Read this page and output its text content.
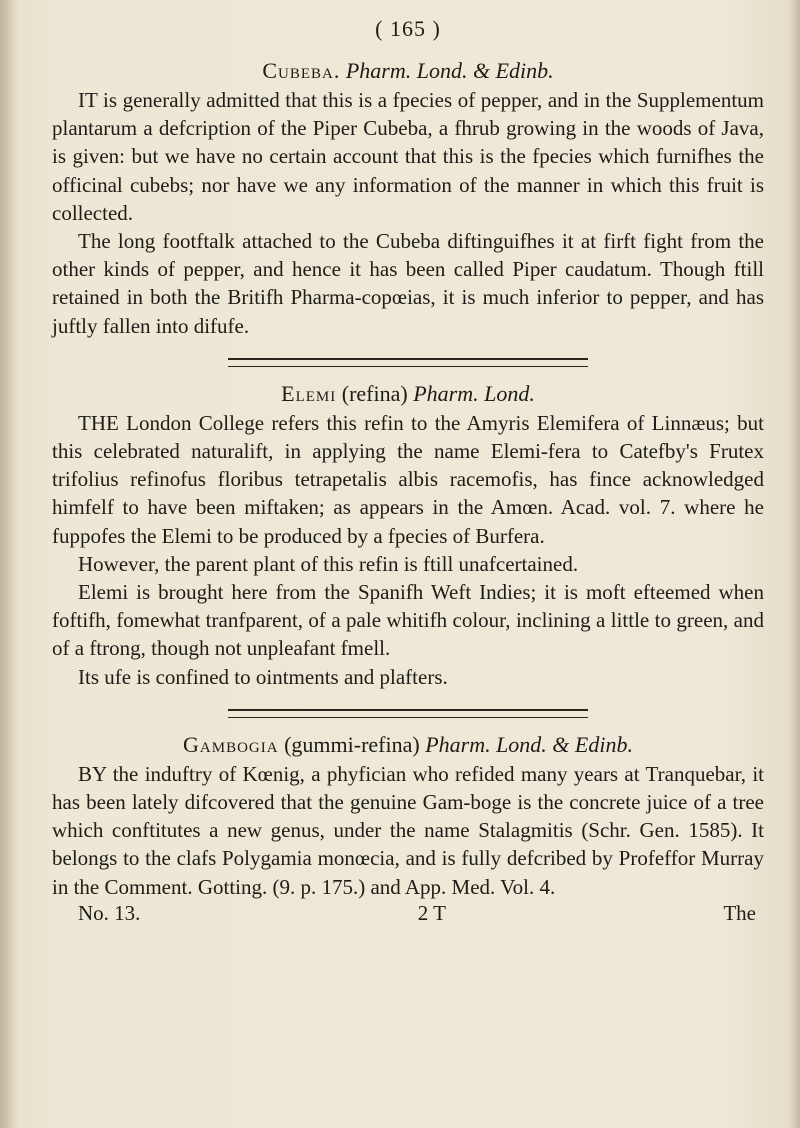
( 165 )
Cubeba. Pharm. Lond. & Edinb.

IT is generally admitted that this is a fpecies of pepper, and in the Supplementum plantarum a defcription of the Piper Cubeba, a fhrub growing in the woods of Java, is given: but we have no certain account that this is the fpecies which furnifhes the officinal cubebs; nor have we any information of the manner in which this fruit is collected.

The long footftalk attached to the Cubeba diftinguifhes it at firft fight from the other kinds of pepper, and hence it has been called Piper caudatum. Though ftill retained in both the Britifh Pharma-copœias, it is much inferior to pepper, and has juftly fallen into difufe.

Elemi (refina) Pharm. Lond.

THE London College refers this refin to the Amyris Elemifera of Linnæus; but this celebrated naturalift, in applying the name Elemi-fera to Catefby's Frutex trifolius refinofus floribus tetrapetalis albis racemofis, has fince acknowledged himfelf to have been miftaken; as appears in the Amœn. Acad. vol. 7. where he fuppofes the Elemi to be produced by a fpecies of Burfera.

However, the parent plant of this refin is ftill unafcertained.

Elemi is brought here from the Spanifh Weft Indies; it is moft efteemed when foftifh, fomewhat tranfparent, of a pale whitifh colour, inclining a little to green, and of a ftrong, though not unpleafant fmell.

Its ufe is confined to ointments and plafters.

Gambogia (gummi-refina) Pharm. Lond. & Edinb.

BY the induftry of Kœnig, a phyfician who refided many years at Tranquebar, it has been lately difcovered that the genuine Gam-boge is the concrete juice of a tree which conftitutes a new genus, under the name Stalagmitis (Schr. Gen. 1585). It belongs to the clafs Polygamia monœcia, and is fully defcribed by Profeffor Murray in the Comment. Gotting. (9. p. 175.) and App. Med. Vol. 4.

No. 13.	2 T	The
